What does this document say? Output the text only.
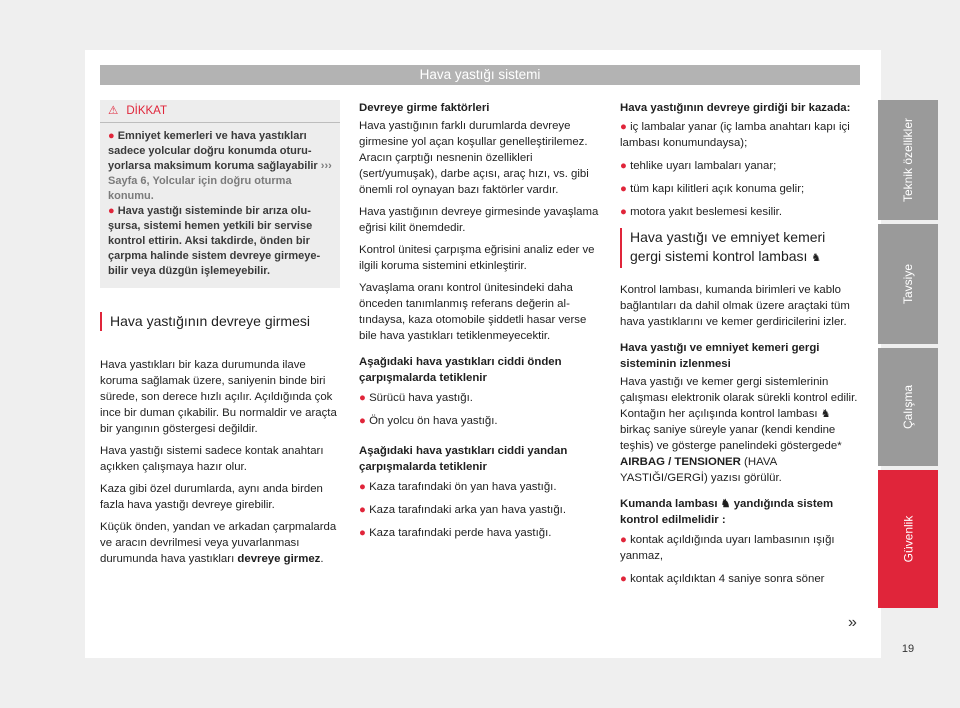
Hava yastığı sistemi
⚠ DİKKAT
● Emniyet kemerleri ve hava yastıkları sadece yolcular doğru konumda oturuyorlarsa maksimum koruma sağlayabilir ››› Sayfa 6, Yolcular için doğru oturma konumu.
● Hava yastığı sisteminde bir arıza oluşursa, sistemi hemen yetkili bir servise kontrol ettirin. Aksi takdirde, önden bir çarpma halinde sistem devreye girmeyebilir veya düzgün işlemeyebilir.
Hava yastığının devreye girmesi

Hava yastıkları bir kaza durumunda ilave koruma sağlamak üzere, saniyenin binde biri sürede, son derece hızlı açılır. Açıldığında çok ince bir duman çıkabilir. Bu normaldir ve araçta bir yangının göstergesi değildir.

Hava yastığı sistemi sadece kontak anahtarı açıkken çalışmaya hazır olur.

Kaza gibi özel durumlarda, aynı anda birden fazla hava yastığı devreye girebilir.

Küçük önden, yandan ve arkadan çarpmalarda ve aracın devrilmesi veya yuvarlanması durumunda hava yastıkları devreye girmez.

Devreye girme faktörleri

Hava yastığının farklı durumlarda devreye girmesine yol açan koşullar genelleştirilemez. Aracın çarptığı nesnenin özellikleri (sert/yumuşak), darbe açısı, araç hızı, vs. gibi önemli rol oynayan bazı faktörler vardır.

Hava yastığının devreye girmesinde yavaşlama eğrisi kilit önemdedir.

Kontrol ünitesi çarpışma eğrisini analiz eder ve ilgili koruma sistemini etkinleştirir.

Yavaşlama oranı kontrol ünitesindeki daha önceden tanımlanmış referans değerin altındaysa, kaza otomobile şiddetli hasar verse bile hava yastıkları tetiklenmeyecektir.

Aşağıdaki hava yastıkları ciddi önden çarpışmalarda tetiklenir

● Sürücü hava yastığı.
● Ön yolcu ön hava yastığı.

Aşağıdaki hava yastıkları ciddi yandan çarpışmalarda tetiklenir

● Kaza tarafındaki ön yan hava yastığı.
● Kaza tarafındaki arka yan hava yastığı.
● Kaza tarafındaki perde hava yastığı.

Hava yastığının devreye girdiği bir kazada:

● iç lambalar yanar (iç lamba anahtarı kapı içi lambası konumundaysa);
● tehlike uyarı lambaları yanar;
● tüm kapı kilitleri açık konuma gelir;
● motora yakıt beslemesi kesilir.
Hava yastığı ve emniyet kemeri gergi sistemi kontrol lambası ♞

Kontrol lambası, kumanda birimleri ve kablo bağlantıları da dahil olmak üzere araçtaki tüm hava yastıklarını ve kemer gerdiricilerini izler.

Hava yastığı ve emniyet kemeri gergi sisteminin izlenmesi

Hava yastığı ve kemer gergi sistemlerinin çalışması elektronik olarak sürekli kontrol edilir. Kontağın her açılışında kontrol lambası ♞ birkaç saniye süreyle yanar (kendi kendine teşhis) ve gösterge panelindeki göstergede* AIRBAG / TENSIONER (HAVA YASTIĞI/GERGİ) yazısı görülür.

Kumanda lambası ♞ yandığında sistem kontrol edilmelidir :

● kontak açıldığında uyarı lambasının ışığı yanmaz,
● kontak açıldıktan 4 saniye sonra söner
»
Teknik özellikler
Tavsiye
Çalışma
Güvenlik
19
